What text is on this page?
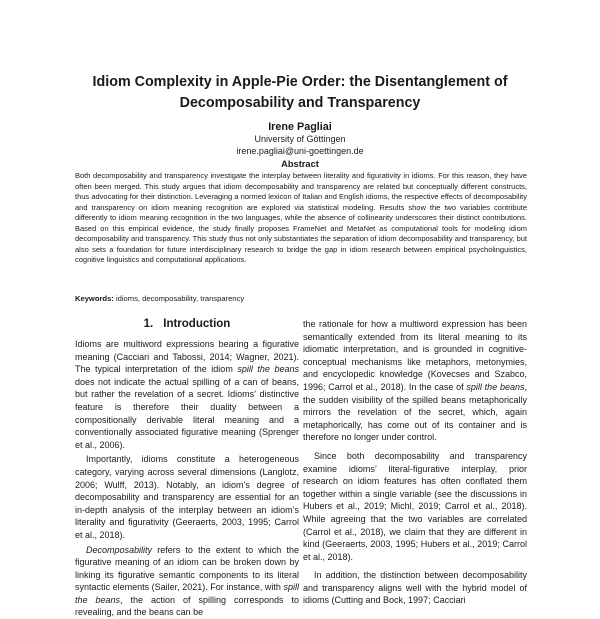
Idiom Complexity in Apple-Pie Order: the Disentanglement of Decomposability and Transparency
Irene Pagliai
University of Göttingen
irene.pagliai@uni-goettingen.de
Abstract
Both decomposability and transparency investigate the interplay between literality and figurativity in idioms. For this reason, they have often been merged. This study argues that idiom decomposability and transparency are related but conceptually different constructs, thus advocating for their distinction. Leveraging a normed lexicon of Italian and English idioms, the respective effects of decomposability and transparency on idiom meaning recognition are explored via statistical modeling. Results show the two variables contribute differently to idiom meaning recognition in the two languages, while the absence of collinearity underscores their distinct contributions. Based on this empirical evidence, the study finally proposes FrameNet and MetaNet as computational tools for modeling idiom decomposability and transparency. This study thus not only substantiates the separation of idiom decomposability and transparency, but also sets a foundation for future interdisciplinary research to bridge the gap in idiom research between empirical psycholinguistics, cognitive linguistics and computational applications.
Keywords: idioms, decomposability, transparency
1. Introduction

Idioms are multiword expressions bearing a figurative meaning (Cacciari and Tabossi, 2014; Wagner, 2021). The typical interpretation of the idiom spill the beans does not indicate the actual spilling of a can of beans, but rather the revelation of a secret. Idioms’ distinctive feature is therefore their duality between a compositionally derivable literal meaning and a conventionally associated figurative meaning (Sprenger et al., 2006).

Importantly, idioms constitute a heterogeneous category, varying across several dimensions (Langlotz, 2006; Wulff, 2013). Notably, an idiom’s degree of decomposability and transparency are essential for an in-depth analysis of the interplay between an idiom’s literality and figurativity (Geeraerts, 2003, 1995; Carrol et al., 2018).

Decomposability refers to the extent to which the figurative meaning of an idiom can be broken down by linking its figurative semantic components to its literal syntactic elements (Sailer, 2021). For instance, with spill the beans, the action of spilling corresponds to revealing, and the beans can be

the rationale for how a multiword expression has been semantically extended from its literal meaning to its idiomatic interpretation, and is grounded in cognitive-conceptual mechanisms like metaphors, metonymies, and encyclopedic knowledge (Kovecses and Szabco, 1996; Carrol et al., 2018). In the case of spill the beans, the sudden visibility of the spilled beans metaphorically mirrors the revelation of the secret, which, again metaphorically, has come out of its container and is therefore no longer under control.

Since both decomposability and transparency examine idioms’ literal-figurative interplay, prior research on idiom features has often conflated them together within a single variable (see the discussions in Hubers et al., 2019; Michl, 2019; Carrol et al., 2018). While agreeing that the two variables are correlated (Carrol et al., 2018), we claim that they are different in kind (Geeraerts, 2003, 1995; Hubers et al., 2019; Carrol et al., 2018).

In addition, the distinction between decomposability and transparency aligns well with the hybrid model of idioms (Cutting and Bock, 1997; Cacciari
